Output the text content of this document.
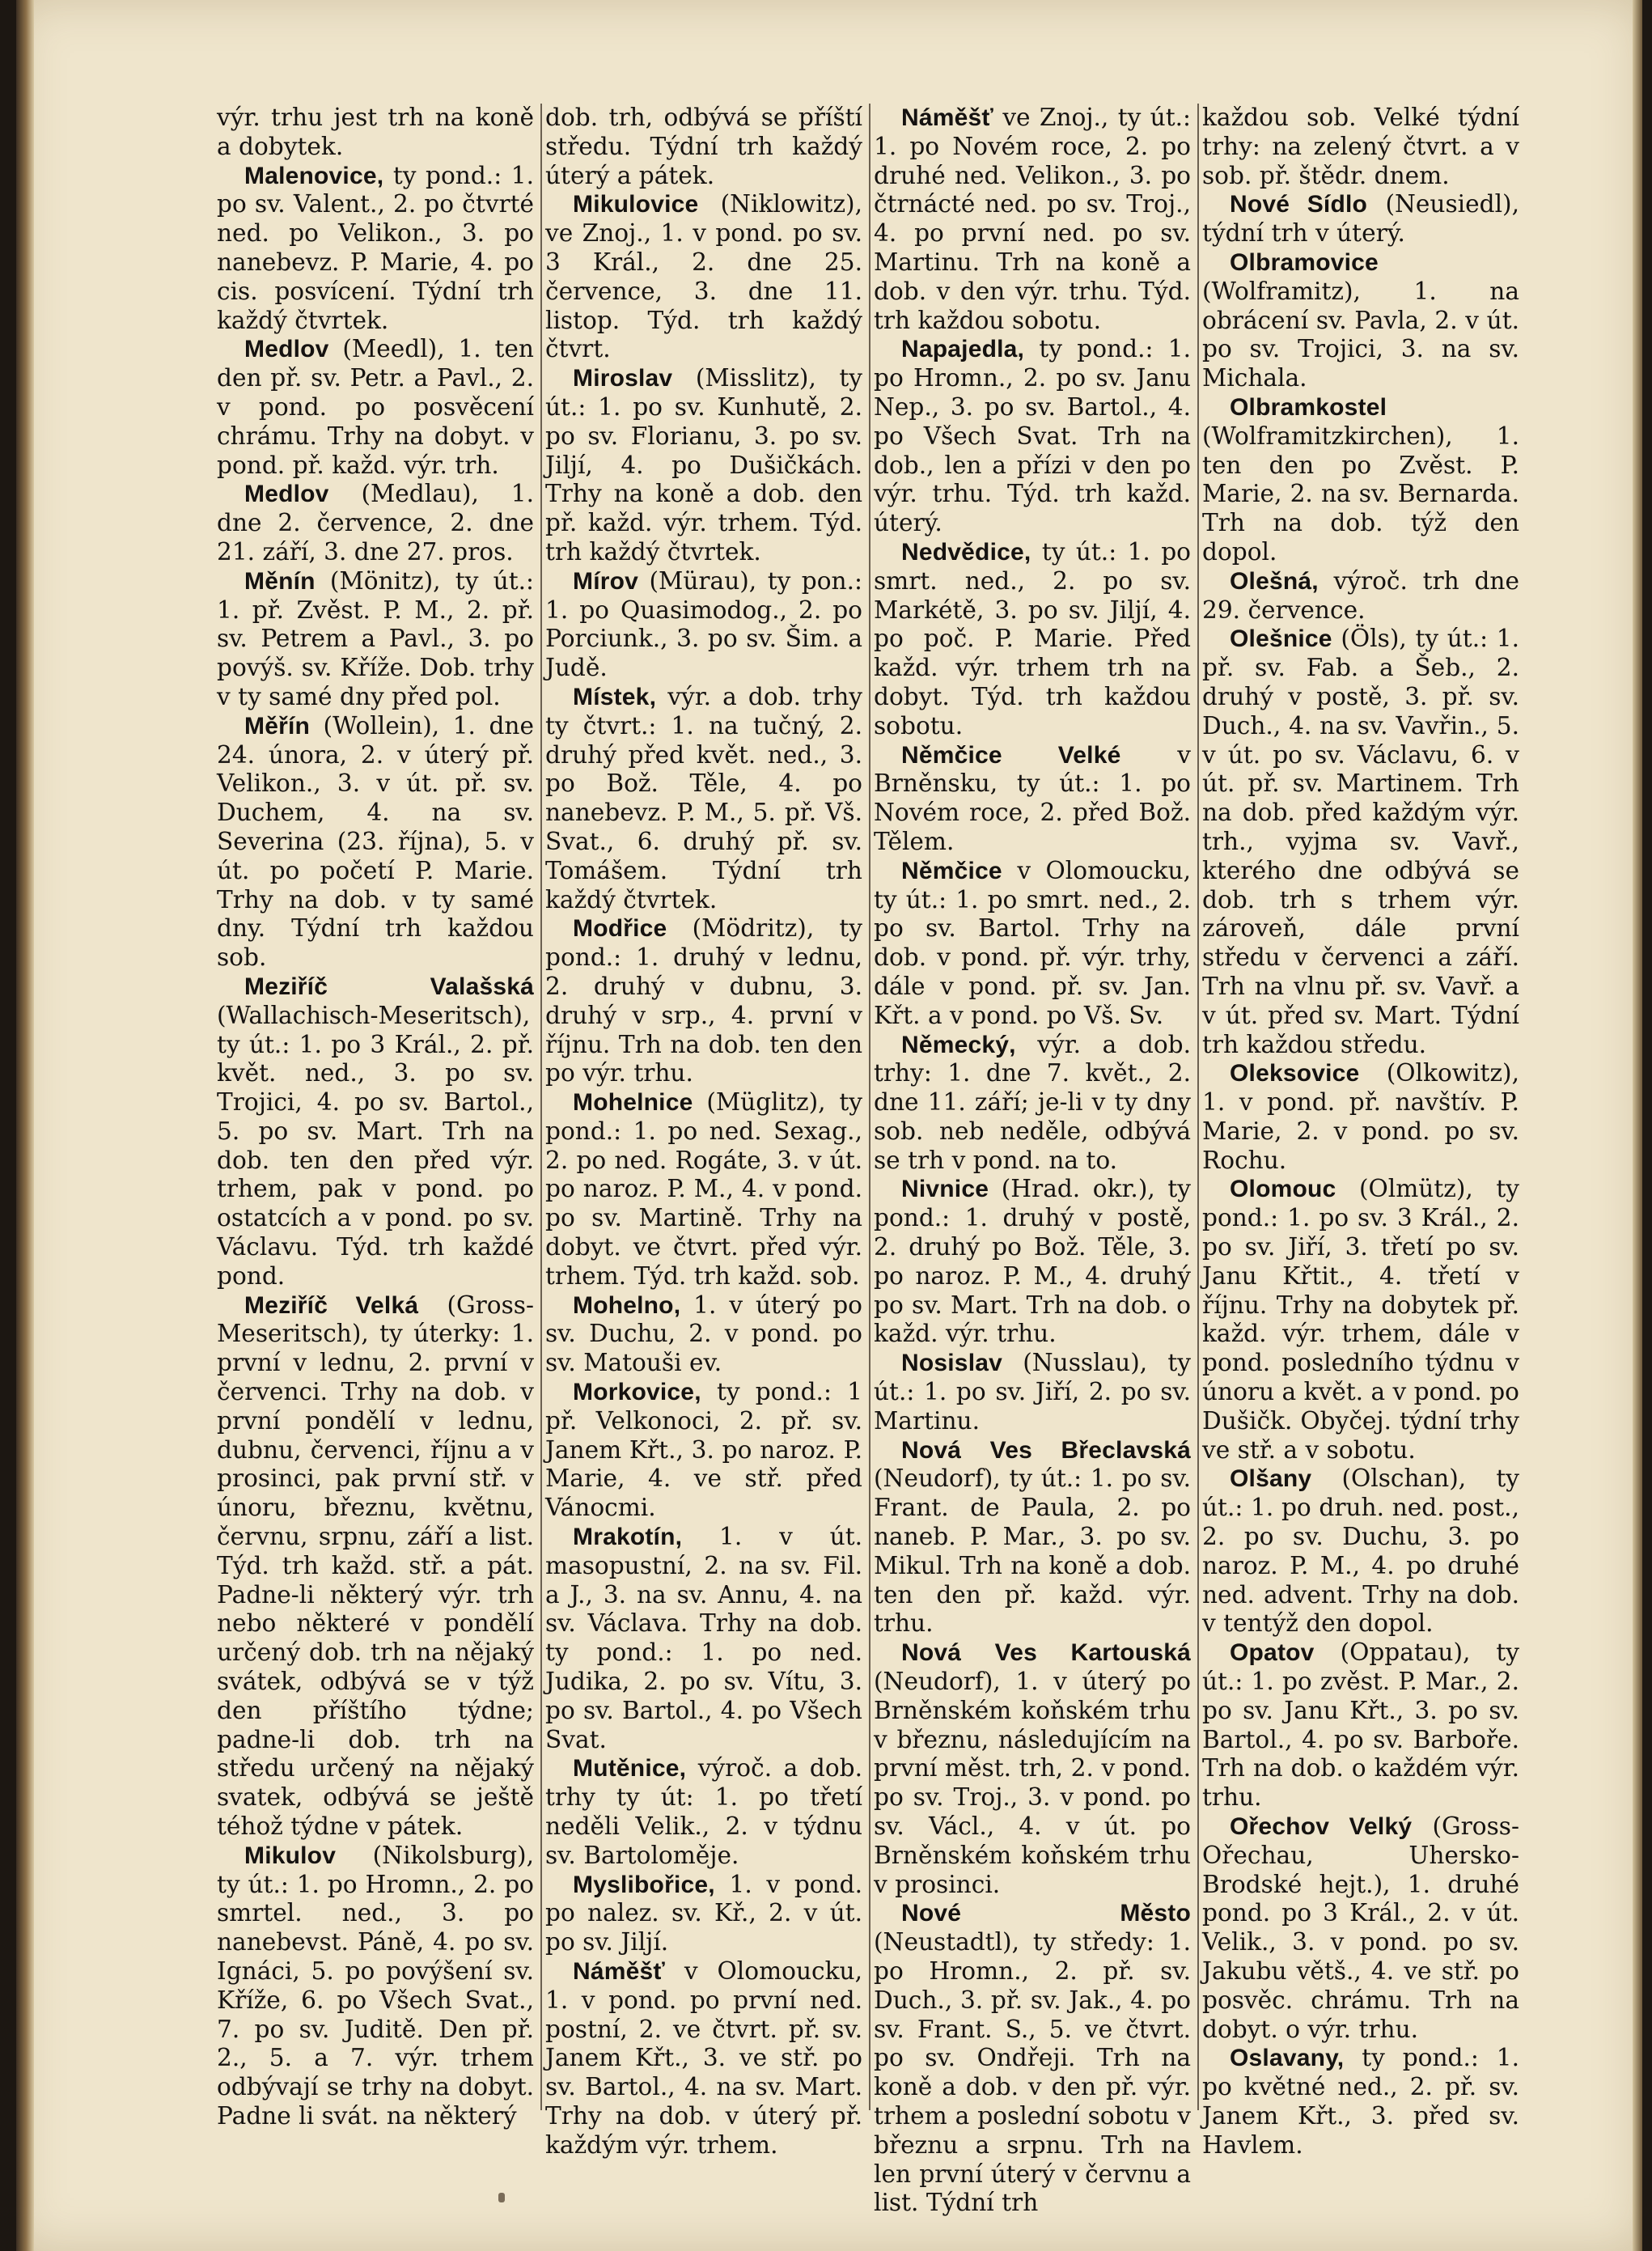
výr. trhu jest trh na koně a dobytek.

Malenovice, ty pond.: 1. po sv. Valent., 2. po čtvrté ned. po Velikon., 3. po nanebevz. P. Marie, 4. po cis. posvícení. Týdní trh každý čtvrtek.

Medlov (Meedl), 1. ten den př. sv. Petr. a Pavl., 2. v pond. po posvěcení chrámu. Trhy na dobyt. v pond. př. každ. výr. trh.

Medlov (Medlau), 1. dne 2. července, 2. dne 21. září, 3. dne 27. pros.

Měnín (Mönitz), ty út.: 1. př. Zvěst. P. M., 2. př. sv. Petrem a Pavl., 3. po povýš. sv. Kříže. Dob. trhy v ty samé dny před pol.

Měřín (Wollein), 1. dne 24. února, 2. v úterý př. Velikon., 3. v út. př. sv. Duchem, 4. na sv. Severina (23. října), 5. v út. po početí P. Marie. Trhy na dob. v ty samé dny. Týdní trh každou sob.

Meziříč Valašská (Wallachisch-Meseritsch), ty út.: 1. po 3 Král., 2. př. květ. ned., 3. po sv. Trojici, 4. po sv. Bartol., 5. po sv. Mart. Trh na dob. ten den před výr. trhem, pak v pond. po ostatcích a v pond. po sv. Václavu. Týd. trh každé pond.

Meziříč Velká (Gross-Meseritsch), ty úterky: 1. první v lednu, 2. první v červenci. Trhy na dob. v první pondělí v lednu, dubnu, červenci, říjnu a v prosinci, pak první stř. v únoru, březnu, květnu, červnu, srpnu, září a list. Týd. trh každ. stř. a pát. Padne-li některý výr. trh nebo některé v pondělí určený dob. trh na nějaký svátek, odbývá se v týž den příštího týdne; padne-li dob. trh na středu určený na nějaký svatek, odbývá se ještě téhož týdne v pátek.

Mikulov (Nikolsburg), ty út.: 1. po Hromn., 2. po smrtel. ned., 3. po nanebevst. Páně, 4. po sv. Ignáci, 5. po povýšení sv. Kříže, 6. po Všech Svat., 7. po sv. Juditě. Den př. 2., 5. a 7. výr. trhem odbývají se trhy na dobyt. Padne li svát. na některý

dob. trh, odbývá se příští středu. Týdní trh každý úterý a pátek.

Mikulovice (Niklowitz), ve Znoj., 1. v pond. po sv. 3 Král., 2. dne 25. července, 3. dne 11. listop. Týd. trh každý čtvrt.

Miroslav (Misslitz), ty út.: 1. po sv. Kunhutě, 2. po sv. Florianu, 3. po sv. Jiljí, 4. po Dušičkách. Trhy na koně a dob. den př. každ. výr. trhem. Týd. trh každý čtvrtek.

Mírov (Mürau), ty pon.: 1. po Quasimodog., 2. po Porciunk., 3. po sv. Šim. a Judě.

Místek, výr. a dob. trhy ty čtvrt.: 1. na tučný, 2. druhý před květ. ned., 3. po Bož. Těle, 4. po nanebevz. P. M., 5. př. Vš. Svat., 6. druhý př. sv. Tomášem. Týdní trh každý čtvrtek.

Modřice (Mödritz), ty pond.: 1. druhý v lednu, 2. druhý v dubnu, 3. druhý v srp., 4. první v říjnu. Trh na dob. ten den po výr. trhu.

Mohelnice (Müglitz), ty pond.: 1. po ned. Sexag., 2. po ned. Rogáte, 3. v út. po naroz. P. M., 4. v pond. po sv. Martině. Trhy na dobyt. ve čtvrt. před výr. trhem. Týd. trh každ. sob.

Mohelno, 1. v úterý po sv. Duchu, 2. v pond. po sv. Matouši ev.

Morkovice, ty pond.: 1 př. Velkonoci, 2. př. sv. Janem Křt., 3. po naroz. P. Marie, 4. ve stř. před Vánocmi.

Mrakotín, 1. v út. masopustní, 2. na sv. Fil. a J., 3. na sv. Annu, 4. na sv. Václava. Trhy na dob. ty pond.: 1. po ned. Judika, 2. po sv. Vítu, 3. po sv. Bartol., 4. po Všech Svat.

Mutěnice, výroč. a dob. trhy ty út: 1. po třetí neděli Velik., 2. v týdnu sv. Bartoloměje.

Myslibořice, 1. v pond. po nalez. sv. Kř., 2. v út. po sv. Jiljí.

Náměšť v Olomoucku, 1. v pond. po první ned. postní, 2. ve čtvrt. př. sv. Janem Křt., 3. ve stř. po sv. Bartol., 4. na sv. Mart. Trhy na dob. v úterý př. každým výr. trhem.

Náměšť ve Znoj., ty út.: 1. po Novém roce, 2. po druhé ned. Velikon., 3. po čtrnácté ned. po sv. Troj., 4. po první ned. po sv. Martinu. Trh na koně a dob. v den výr. trhu. Týd. trh každou sobotu.

Napajedla, ty pond.: 1. po Hromn., 2. po sv. Janu Nep., 3. po sv. Bartol., 4. po Všech Svat. Trh na dob., len a přízi v den po výr. trhu. Týd. trh každ. úterý.

Nedvědice, ty út.: 1. po smrt. ned., 2. po sv. Markétě, 3. po sv. Jiljí, 4. po poč. P. Marie. Před každ. výr. trhem trh na dobyt. Týd. trh každou sobotu.

Němčice Velké v Brněnsku, ty út.: 1. po Novém roce, 2. před Bož. Tělem.

Němčice v Olomoucku, ty út.: 1. po smrt. ned., 2. po sv. Bartol. Trhy na dob. v pond. př. výr. trhy, dále v pond. př. sv. Jan. Křt. a v pond. po Vš. Sv.

Německý, výr. a dob. trhy: 1. dne 7. květ., 2. dne 11. září; je-li v ty dny sob. neb neděle, odbývá se trh v pond. na to.

Nivnice (Hrad. okr.), ty pond.: 1. druhý v postě, 2. druhý po Bož. Těle, 3. po naroz. P. M., 4. druhý po sv. Mart. Trh na dob. o každ. výr. trhu.

Nosislav (Nusslau), ty út.: 1. po sv. Jiří, 2. po sv. Martinu.

Nová Ves Břeclavská (Neudorf), ty út.: 1. po sv. Frant. de Paula, 2. po naneb. P. Mar., 3. po sv. Mikul. Trh na koně a dob. ten den př. každ. výr. trhu.

Nová Ves Kartouská (Neudorf), 1. v úterý po Brněnském koňském trhu v březnu, následujícím na první měst. trh, 2. v pond. po sv. Troj., 3. v pond. po sv. Václ., 4. v út. po Brněnském koňském trhu v prosinci.

Nové Město (Neustadtl), ty středy: 1. po Hromn., 2. př. sv. Duch., 3. př. sv. Jak., 4. po sv. Frant. S., 5. ve čtvrt. po sv. Ondřeji. Trh na koně a dob. v den př. výr. trhem a poslední sobotu v březnu a srpnu. Trh na len první úterý v červnu a list. Týdní trh

každou sob. Velké týdní trhy: na zelený čtvrt. a v sob. př. štědr. dnem.

Nové Sídlo (Neusiedl), týdní trh v úterý.

Olbramovice (Wolframitz), 1. na obrácení sv. Pavla, 2. v út. po sv. Trojici, 3. na sv. Michala.

Olbramkostel (Wolframitzkirchen), 1. ten den po Zvěst. P. Marie, 2. na sv. Bernarda. Trh na dob. týž den dopol.

Olešná, výroč. trh dne 29. července.

Olešnice (Öls), ty út.: 1. př. sv. Fab. a Šeb., 2. druhý v postě, 3. př. sv. Duch., 4. na sv. Vavřin., 5. v út. po sv. Václavu, 6. v út. př. sv. Martinem. Trh na dob. před každým výr. trh., vyjma sv. Vavř., kterého dne odbývá se dob. trh s trhem výr. zároveň, dále první středu v červenci a září. Trh na vlnu př. sv. Vavř. a v út. před sv. Mart. Týdní trh každou středu.

Oleksovice (Olkowitz), 1. v pond. př. navštív. P. Marie, 2. v pond. po sv. Rochu.

Olomouc (Olmütz), ty pond.: 1. po sv. 3 Král., 2. po sv. Jiří, 3. třetí po sv. Janu Křtit., 4. třetí v říjnu. Trhy na dobytek př. každ. výr. trhem, dále v pond. posledního týdnu v únoru a květ. a v pond. po Dušičk. Obyčej. týdní trhy ve stř. a v sobotu.

Olšany (Olschan), ty út.: 1. po druh. ned. post., 2. po sv. Duchu, 3. po naroz. P. M., 4. po druhé ned. advent. Trhy na dob. v tentýž den dopol.

Opatov (Oppatau), ty út.: 1. po zvěst. P. Mar., 2. po sv. Janu Křt., 3. po sv. Bartol., 4. po sv. Barboře. Trh na dob. o každém výr. trhu.

Ořechov Velký (Gross-Ořechau, Uhersko-Brodské hejt.), 1. druhé pond. po 3 Král., 2. v út. Velik., 3. v pond. po sv. Jakubu větš., 4. ve stř. po posvěc. chrámu. Trh na dobyt. o výr. trhu.

Oslavany, ty pond.: 1. po květné ned., 2. př. sv. Janem Křt., 3. před sv. Havlem.
